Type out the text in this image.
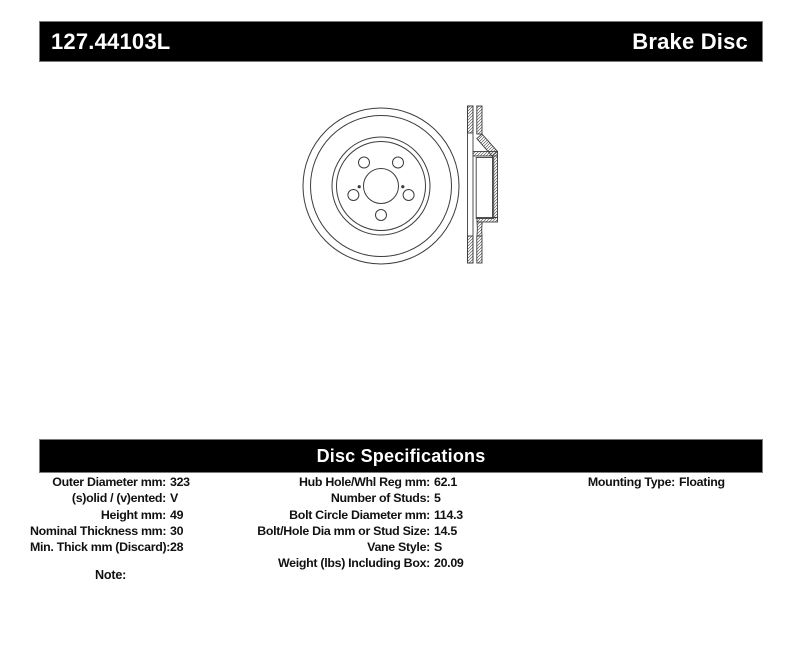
127.44103L	Brake Disc
Disc Specifications
Outer Diameter mm: 323
(s)olid / (v)ented: V
Height mm: 49
Nominal Thickness mm: 30
Min. Thick mm (Discard): 28
Hub Hole/Whl Reg mm: 62.1
Number of Studs: 5
Bolt Circle Diameter mm: 114.3
Bolt/Hole Dia mm or Stud Size: 14.5
Vane Style: S
Weight (lbs) Including Box: 20.09
Mounting Type: Floating
Note:
